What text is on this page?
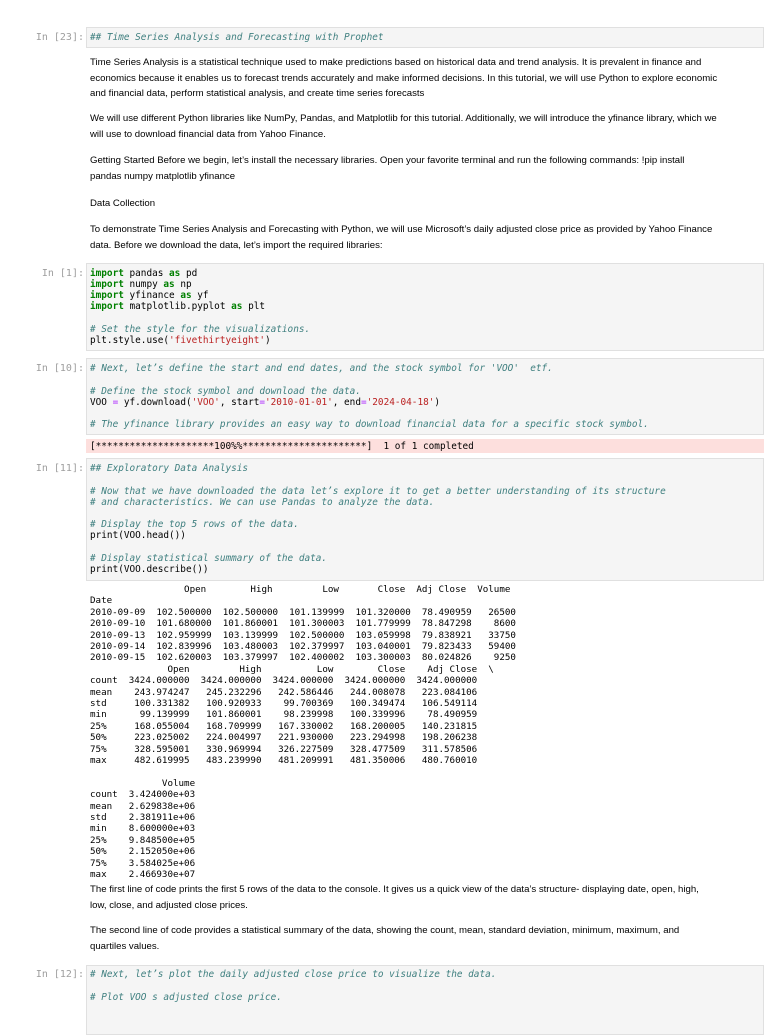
In [23]: ## Time Series Analysis and Forecasting with Prophet
Time Series Analysis is a statistical technique used to make predictions based on historical data and trend analysis. It is prevalent in finance and economics because it enables us to forecast trends accurately and make informed decisions. In this tutorial, we will use Python to explore economic and financial data, perform statistical analysis, and create time series forecasts
We will use different Python libraries like NumPy, Pandas, and Matplotlib for this tutorial. Additionally, we will introduce the yfinance library, which we will use to download financial data from Yahoo Finance.
Getting Started Before we begin, let’s install the necessary libraries. Open your favorite terminal and run the following commands: !pip install pandas numpy matplotlib yfinance
Data Collection
To demonstrate Time Series Analysis and Forecasting with Python, we will use Microsoft’s daily adjusted close price as provided by Yahoo Finance data. Before we download the data, let’s import the required libraries:
In [1]: import pandas as pd
import numpy as np
import yfinance as yf
import matplotlib.pyplot as plt
# Set the style for the visualizations.
plt.style.use('fivethirtyeight')
In [10]: # Next, let’s define the start and end dates, and the stock symbol for 'VOO'  etf.
# Define the stock symbol and download the data.
VOO = yf.download('VOO', start='2010-01-01', end='2024-04-18')
# The yfinance library provides an easy way to download financial data for a specific stock symbol.
[*********************100%%**********************]  1 of 1 completed
In [11]: ## Exploratory Data Analysis
# Now that we have downloaded the data let’s explore it to get a better understanding of its structure
# and characteristics. We can use Pandas to analyze the data.
# Display the top 5 rows of the data.
print(VOO.head())
# Display statistical summary of the data.
print(VOO.describe())
Open        High         Low       Close  Adj Close  Volume
Date
2010-09-09  102.500000  102.500000  101.139999  101.320000  78.490959   26500
2010-09-10  101.680000  101.860001  101.300003  101.779999  78.847298    8600
2010-09-13  102.959999  103.139999  102.500000  103.059998  79.838921   33750
2010-09-14  102.839996  103.480003  102.379997  103.040001  79.823433   59400
2010-09-15  102.620003  103.379997  102.400002  103.300003  80.024826    9250
Open         High          Low        Close    Adj Close  \
count  3424.000000  3424.000000  3424.000000  3424.000000  3424.000000
mean    243.974247   245.232296   242.586446   244.008078   223.084106
std     100.331382   100.920933    99.700369   100.349474   106.549114
min      99.139999   101.860001    98.239998   100.339996    78.490959
25%     168.055004   168.709999   167.330002   168.200005   140.231815
50%     223.025002   224.004997   221.930000   223.294998   198.206238
75%     328.595001   330.969994   326.227509   328.477509   311.578506
max     482.619995   483.239990   481.209991   481.350006   480.760010
Volume
count  3.424000e+03
mean   2.629838e+06
std    2.381911e+06
min    8.600000e+03
25%    9.848500e+05
50%    2.152050e+06
75%    3.584025e+06
max    2.466930e+07
The first line of code prints the first 5 rows of the data to the console. It gives us a quick view of the data’s structure- displaying date, open, high, low, close, and adjusted close prices.
The second line of code provides a statistical summary of the data, showing the count, mean, standard deviation, minimum, maximum, and quartiles values.
In [12]: # Next, let’s plot the daily adjusted close price to visualize the data.
# Plot VOO s adjusted close price.
